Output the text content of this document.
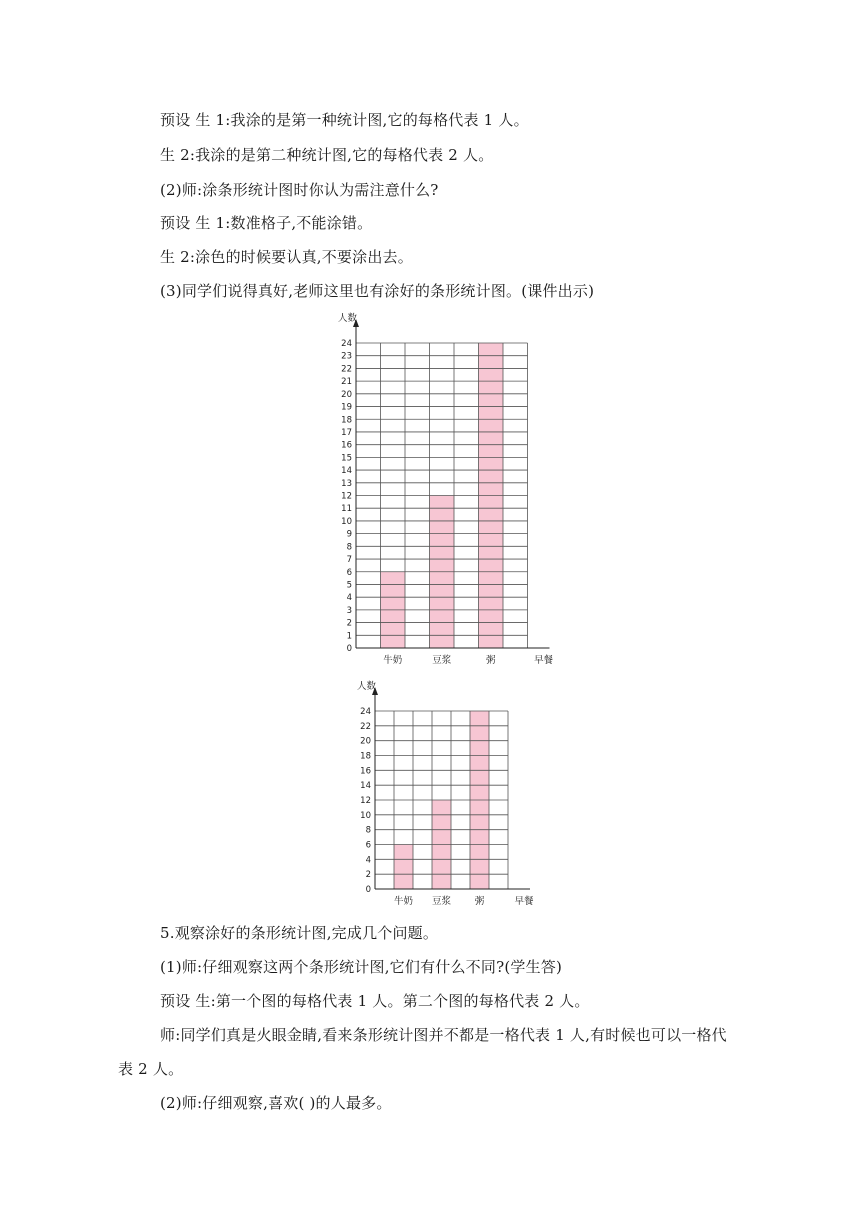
预设 生 1:我涂的是第一种统计图,它的每格代表 1 人。
生 2:我涂的是第二种统计图,它的每格代表 2 人。
(2)师:涂条形统计图时你认为需注意什么?
预设 生 1:数准格子,不能涂错。
生 2:涂色的时候要认真,不要涂出去。
(3)同学们说得真好,老师这里也有涂好的条形统计图。(课件出示)
0
1
2
3
4
5
6
7
8
9
10
11
12
13
14
15
16
17
18
19
20
21
22
23
24
人数
牛奶	豆浆	粥	早餐
0
2
4
6
8
10
12
14
16
18
20
22
24
人数
牛奶 豆浆 粥	早餐
5.观察涂好的条形统计图,完成几个问题。
(1)师:仔细观察这两个条形统计图,它们有什么不同?(学生答)
预设 生:第一个图的每格代表 1 人。第二个图的每格代表 2 人。
师:同学们真是火眼金睛,看来条形统计图并不都是一格代表 1 人,有时候也可以一格代
表 2 人。
(2)师:仔细观察,喜欢( )的人最多。
